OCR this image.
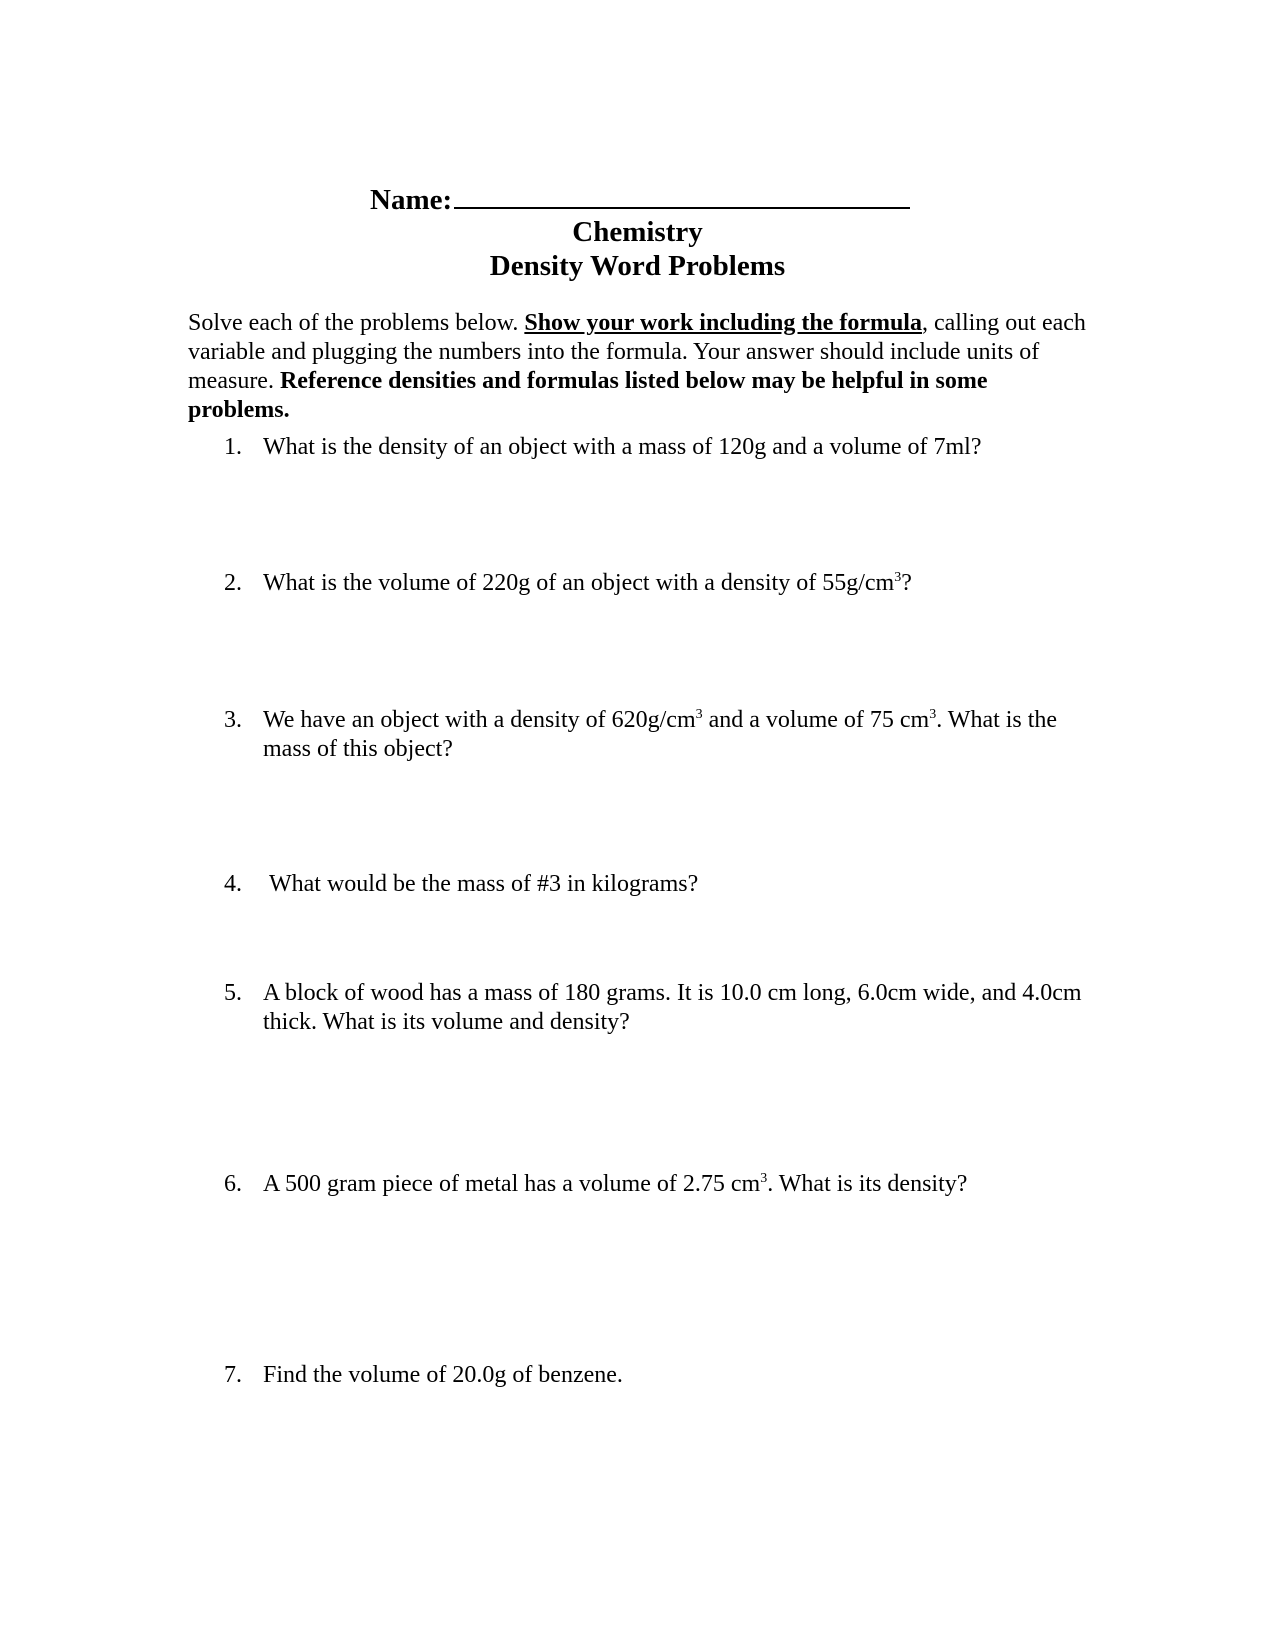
Name:
Chemistry
Density Word Problems
Solve each of the problems below. Show your work including the formula, calling out each variable and plugging the numbers into the formula. Your answer should include units of measure. Reference densities and formulas listed below may be helpful in some problems.
1. What is the density of an object with a mass of 120g and a volume of 7ml?
2. What is the volume of 220g of an object with a density of $55g/cm^3$?
3. We have an object with a density of $620g/cm^3$ and a volume of 75 $cm^3$. What is the mass of this object?
4. What would be the mass of #3 in kilograms?
5. A block of wood has a mass of 180 grams. It is 10.0 cm long, 6.0cm wide, and 4.0cm thick. What is its volume and density?
6. A 500 gram piece of metal has a volume of 2.75 $cm^3$. What is its density?
7. Find the volume of 20.0g of benzene.
